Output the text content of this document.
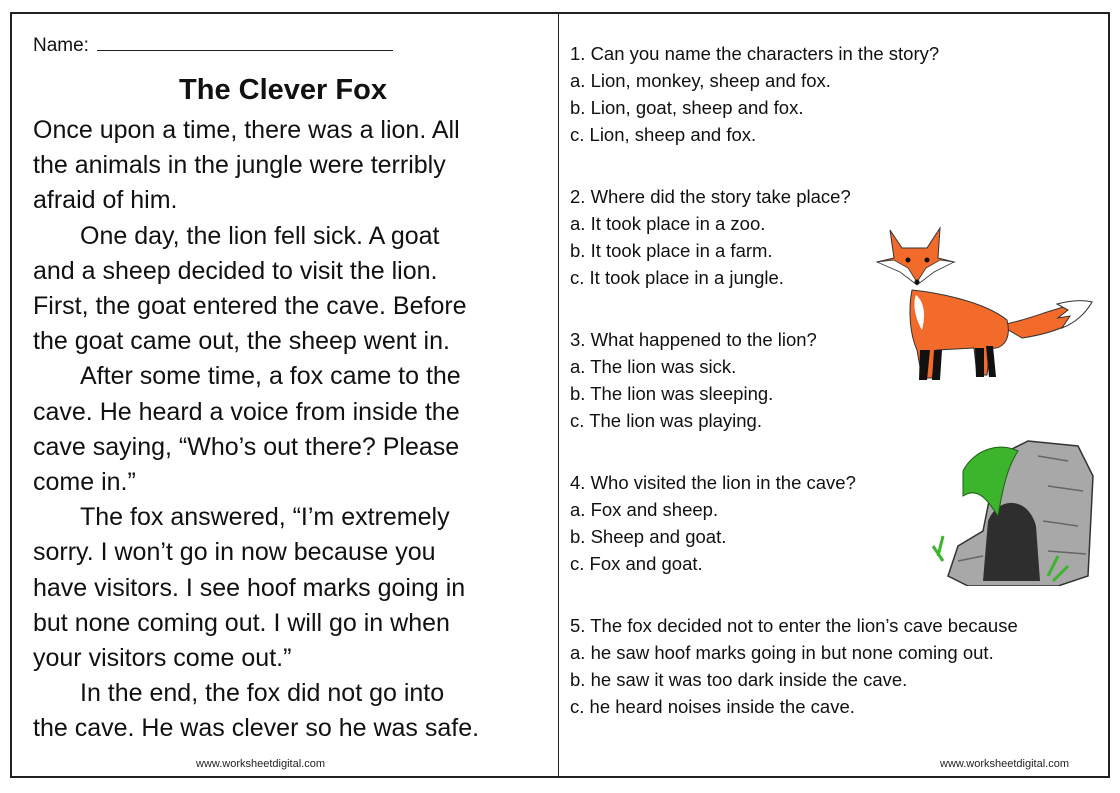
Name:
The Clever Fox
Once upon a time, there was a lion. All
the animals in the jungle were terribly
afraid of him.
One day, the lion fell sick. A goat
and a sheep decided to visit the lion.
First, the goat entered the cave. Before
the goat came out, the sheep went in.
After some time, a fox came to the
cave. He heard a voice from inside the
cave saying, “Who’s out there? Please
come in.”
The fox answered, “I’m extremely
sorry. I won’t go in now because you
have visitors. I see hoof marks going in
but none coming out. I will go in when
your visitors come out.”
In the end, the fox did not go into
the cave. He was clever so he was safe.
1. Can you name the characters in the story?
a. Lion, monkey, sheep and fox.
b. Lion, goat, sheep and fox.
c. Lion, sheep and fox.
2. Where did the story take place?
a. It took place in a zoo.
b. It took place in a farm.
c. It took place in a jungle.
3. What happened to the lion?
a. The lion was sick.
b. The lion was sleeping.
c. The lion was playing.
4. Who visited the lion in the cave?
a. Fox and sheep.
b. Sheep and goat.
c. Fox and goat.
5. The fox decided not to enter the lion’s cave because
a. he saw hoof marks going in but none coming out.
b. he saw it was too dark inside the cave.
c. he heard noises inside the cave.
www.worksheetdigital.com	www.worksheetdigital.com
